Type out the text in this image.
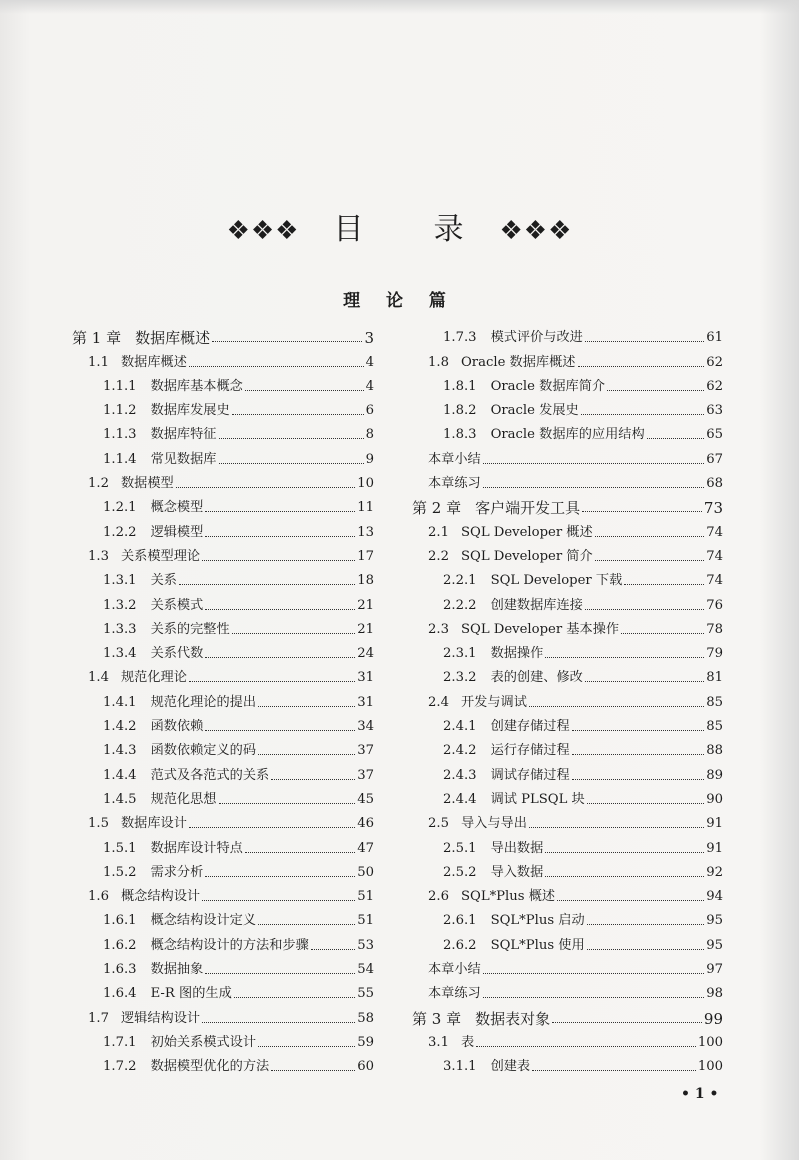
❖❖❖ 目 录 ❖❖❖
理 论 篇
第 1 章 数据库概述	3
1.1 数据库概述	4
1.1.1 数据库基本概念	4
1.1.2 数据库发展史	6
1.1.3 数据库特征	8
1.1.4 常见数据库	9
1.2 数据模型	10
1.2.1 概念模型	11
1.2.2 逻辑模型	13
1.3 关系模型理论	17
1.3.1 关系	18
1.3.2 关系模式	21
1.3.3 关系的完整性	21
1.3.4 关系代数	24
1.4 规范化理论	31
1.4.1 规范化理论的提出	31
1.4.2 函数依赖	34
1.4.3 函数依赖定义的码	37
1.4.4 范式及各范式的关系	37
1.4.5 规范化思想	45
1.5 数据库设计	46
1.5.1 数据库设计特点	47
1.5.2 需求分析	50
1.6 概念结构设计	51
1.6.1 概念结构设计定义	51
1.6.2 概念结构设计的方法和步骤	53
1.6.3 数据抽象	54
1.6.4 E-R 图的生成	55
1.7 逻辑结构设计	58
1.7.1 初始关系模式设计	59
1.7.2 数据模型优化的方法	60
1.7.3 模式评价与改进	61
1.8 Oracle 数据库概述	62
1.8.1 Oracle 数据库简介	62
1.8.2 Oracle 发展史	63
1.8.3 Oracle 数据库的应用结构	65
本章小结	67
本章练习	68
第 2 章 客户端开发工具	73
2.1 SQL Developer 概述	74
2.2 SQL Developer 简介	74
2.2.1 SQL Developer 下载	74
2.2.2 创建数据库连接	76
2.3 SQL Developer 基本操作	78
2.3.1 数据操作	79
2.3.2 表的创建、修改	81
2.4 开发与调试	85
2.4.1 创建存储过程	85
2.4.2 运行存储过程	88
2.4.3 调试存储过程	89
2.4.4 调试 PLSQL 块	90
2.5 导入与导出	91
2.5.1 导出数据	91
2.5.2 导入数据	92
2.6 SQL*Plus 概述	94
2.6.1 SQL*Plus 启动	95
2.6.2 SQL*Plus 使用	95
本章小结	97
本章练习	98
第 3 章 数据表对象	99
3.1 表	100
3.1.1 创建表	100
• 1 •
